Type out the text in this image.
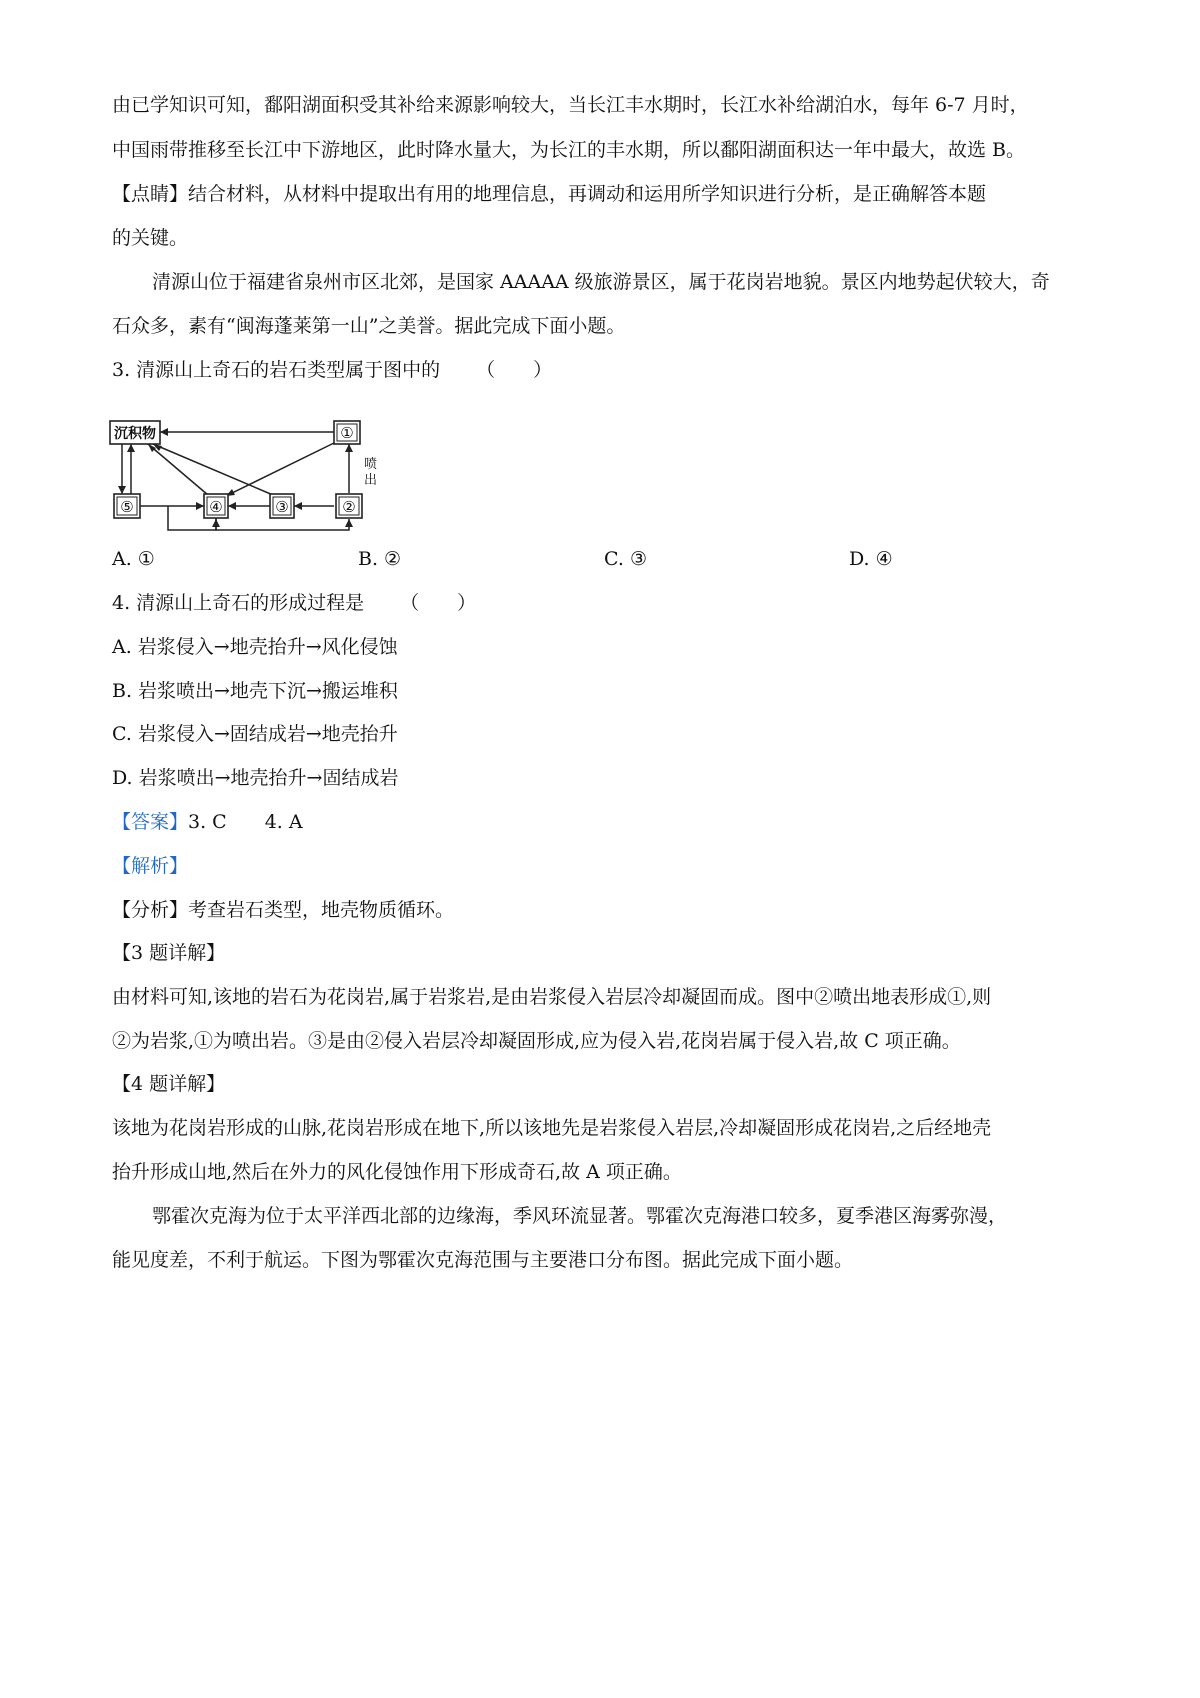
由已学知识可知，鄱阳湖面积受其补给来源影响较大，当长江丰水期时，长江水补给湖泊水，每年 6-7 月时，
中国雨带推移至长江中下游地区，此时降水量大，为长江的丰水期，所以鄱阳湖面积达一年中最大，故选 B。
【点睛】结合材料，从材料中提取出有用的地理信息，再调动和运用所学知识进行分析，是正确解答本题
的关键。
清源山位于福建省泉州市区北郊，是国家 AAAAA 级旅游景区，属于花岗岩地貌。景区内地势起伏较大，奇
石众多，素有“闽海蓬莱第一山”之美誉。据此完成下面小题。
3. 清源山上奇石的岩石类型属于图中的 （　　）
沉积物	①
⑤	④	③	②
喷
出
A. ①	B. ②	C. ③	D. ④
4. 清源山上奇石的形成过程是 （　　）
A. 岩浆侵入→地壳抬升→风化侵蚀
B. 岩浆喷出→地壳下沉→搬运堆积
C. 岩浆侵入→固结成岩→地壳抬升
D. 岩浆喷出→地壳抬升→固结成岩
【答案】3. C　　4. A
【解析】
【分析】考查岩石类型，地壳物质循环。
【3 题详解】
由材料可知,该地的岩石为花岗岩,属于岩浆岩,是由岩浆侵入岩层冷却凝固而成。图中②喷出地表形成①,则
②为岩浆,①为喷出岩。③是由②侵入岩层冷却凝固形成,应为侵入岩,花岗岩属于侵入岩,故 C 项正确。
【4 题详解】
该地为花岗岩形成的山脉,花岗岩形成在地下,所以该地先是岩浆侵入岩层,冷却凝固形成花岗岩,之后经地壳
抬升形成山地,然后在外力的风化侵蚀作用下形成奇石,故 A 项正确。
鄂霍次克海为位于太平洋西北部的边缘海，季风环流显著。鄂霍次克海港口较多，夏季港区海雾弥漫，
能见度差，不利于航运。下图为鄂霍次克海范围与主要港口分布图。据此完成下面小题。
